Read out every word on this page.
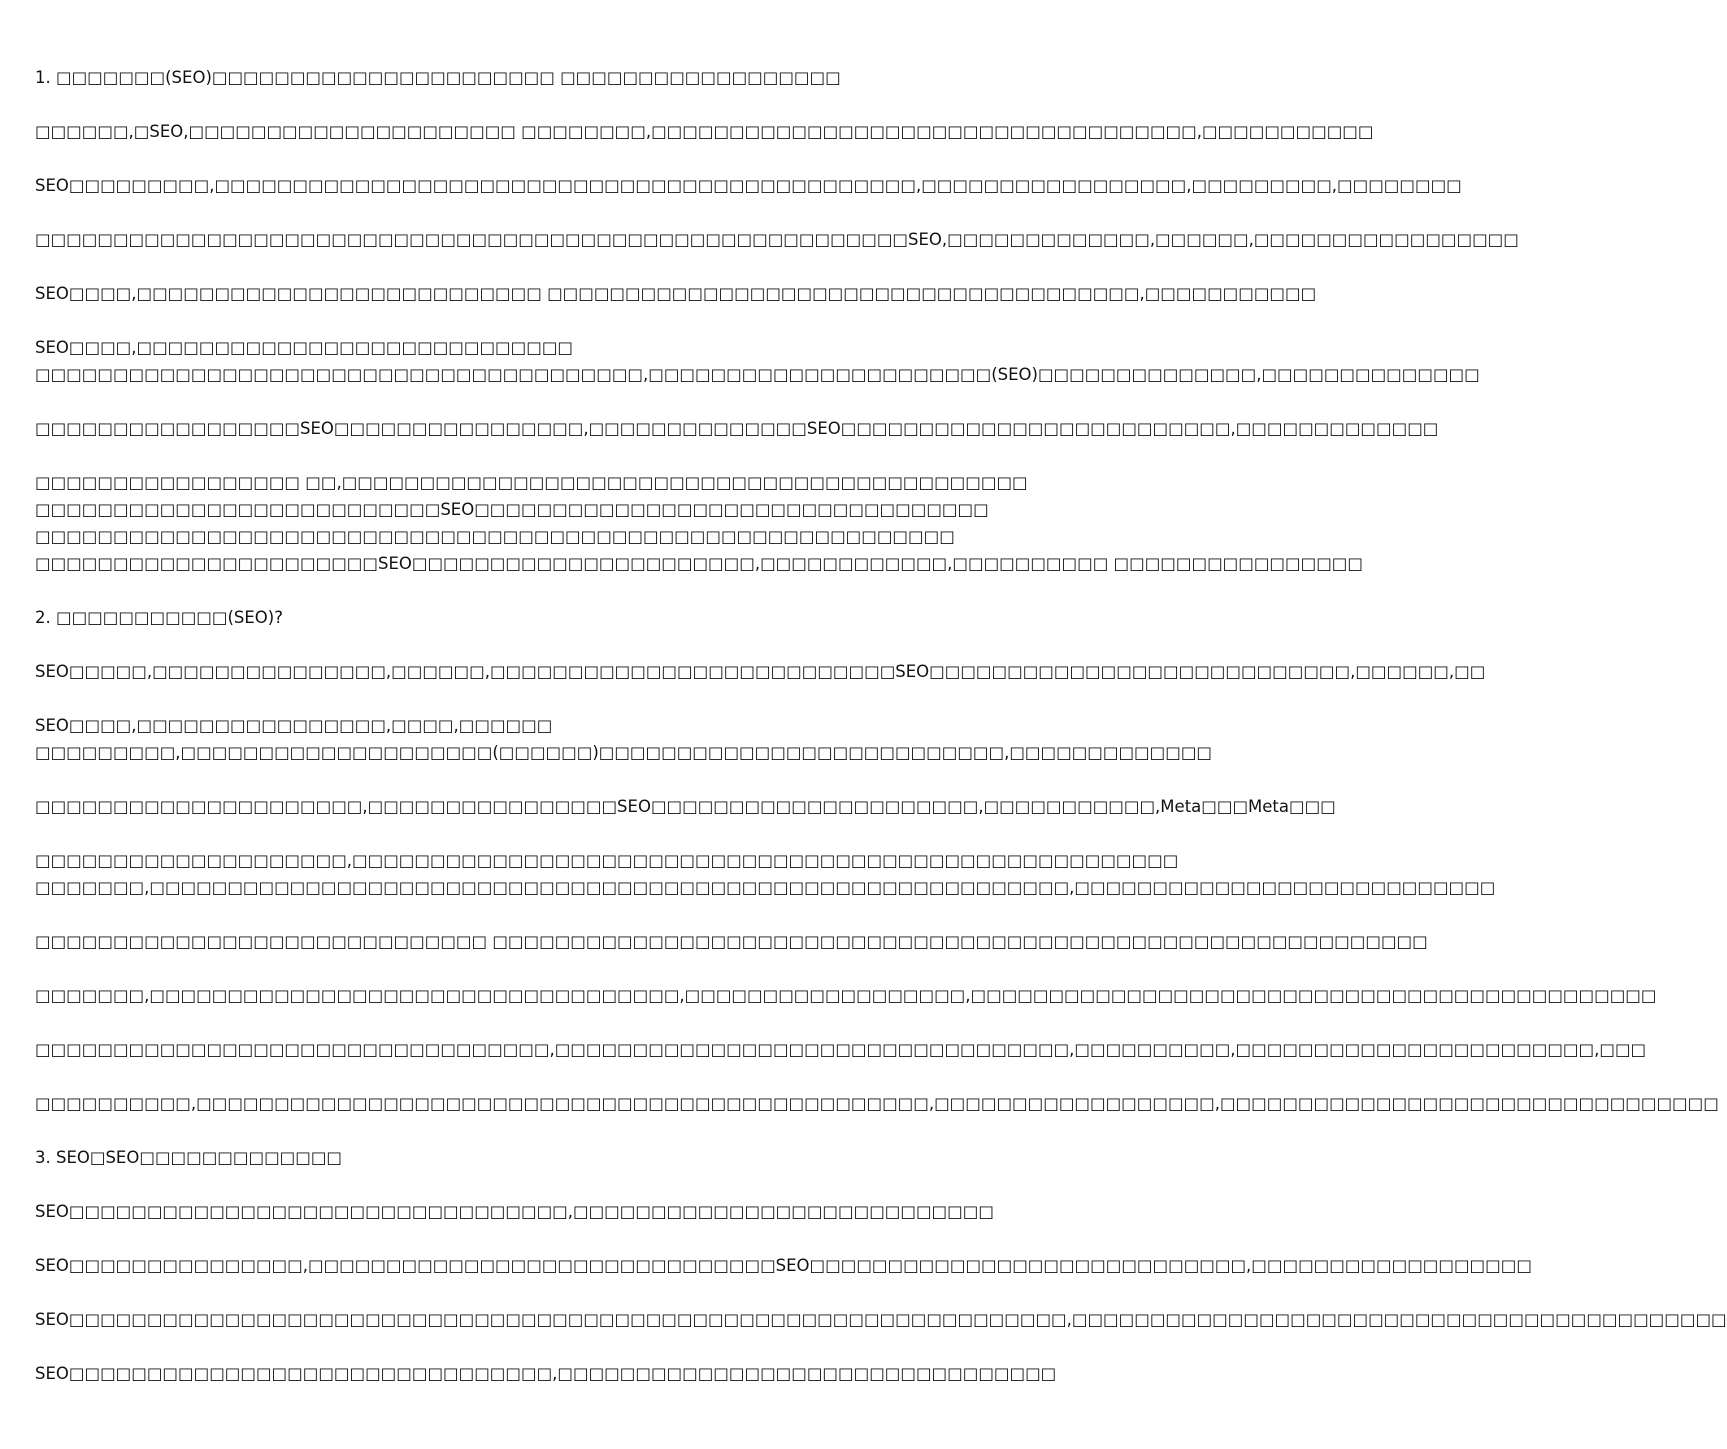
1. □□□□□□□(SEO)□□□□□□□□□□□□□□□□□□□□□□ □□□□□□□□□□□□□□□□□□
□□□□□□,□SEO,□□□□□□□□□□□□□□□□□□□□□ □□□□□□□□,□□□□□□□□□□□□□□□□□□□□□□□□□□□□□□□□□□□,□□□□□□□□□□□
SEO□□□□□□□□□,□□□□□□□□□□□□□□□□□□□□□□□□□□□□□□□□□□□□□□□□□□□□□,□□□□□□□□□□□□□□□□□,□□□□□□□□□,□□□□□□□□
□□□□□□□□□□□□□□□□□□□□□□□□□□□□□□□□□□□□□□□□□□□□□□□□□□□□□□□□SEO,□□□□□□□□□□□□□,□□□□□□,□□□□□□□□□□□□□□□□□
SEO□□□□,□□□□□□□□□□□□□□□□□□□□□□□□□□ □□□□□□□□□□□□□□□□□□□□□□□□□□□□□□□□□□□□□□,□□□□□□□□□□□
SEO□□□□,□□□□□□□□□□□□□□□□□□□□□□□□□□□□
□□□□□□□□□□□□□□□□□□□□□□□□□□□□□□□□□□□□□□□,□□□□□□□□□□□□□□□□□□□□□□(SEO)□□□□□□□□□□□□□□,□□□□□□□□□□□□□□
□□□□□□□□□□□□□□□□□SEO□□□□□□□□□□□□□□□□,□□□□□□□□□□□□□□SEO□□□□□□□□□□□□□□□□□□□□□□□□□,□□□□□□□□□□□□□
□□□□□□□□□□□□□□□□□ □□,□□□□□□□□□□□□□□□□□□□□□□□□□□□□□□□□□□□□□□□□□□□□
□□□□□□□□□□□□□□□□□□□□□□□□□□SEO□□□□□□□□□□□□□□□□□□□□□□□□□□□□□□□□□
□□□□□□□□□□□□□□□□□□□□□□□□□□□□□□□□□□□□□□□□□□□□□□□□□□□□□□□□□□□
□□□□□□□□□□□□□□□□□□□□□□SEO□□□□□□□□□□□□□□□□□□□□□□,□□□□□□□□□□□□,□□□□□□□□□□ □□□□□□□□□□□□□□□□
2. □□□□□□□□□□□(SEO)?
SEO□□□□□,□□□□□□□□□□□□□□□,□□□□□□,□□□□□□□□□□□□□□□□□□□□□□□□□□SEO□□□□□□□□□□□□□□□□□□□□□□□□□□□,□□□□□□,□□
SEO□□□□,□□□□□□□□□□□□□□□□,□□□□,□□□□□□
□□□□□□□□□,□□□□□□□□□□□□□□□□□□□□(□□□□□□)□□□□□□□□□□□□□□□□□□□□□□□□□□,□□□□□□□□□□□□□
□□□□□□□□□□□□□□□□□□□□□,□□□□□□□□□□□□□□□□SEO□□□□□□□□□□□□□□□□□□□□□,□□□□□□□□□□□,Meta□□□Meta□□□
□□□□□□□□□□□□□□□□□□□□,□□□□□□□□□□□□□□□□□□□□□□□□□□□□□□□□□□□□□□□□□□□□□□□□□□□□□
□□□□□□□,□□□□□□□□□□□□□□□□□□□□□□□□□□□□□□□□□□□□□□□□□□□□□□□□□□□□□□□□□□□,□□□□□□□□□□□□□□□□□□□□□□□□□□□
□□□□□□□□□□□□□□□□□□□□□□□□□□□□□ □□□□□□□□□□□□□□□□□□□□□□□□□□□□□□□□□□□□□□□□□□□□□□□□□□□□□□□□□□□□
□□□□□□□,□□□□□□□□□□□□□□□□□□□□□□□□□□□□□□□□□□,□□□□□□□□□□□□□□□□□□,□□□□□□□□□□□□□□□□□□□□□□□□□□□□□□□□□□□□□□□□□□□□
□□□□□□□□□□□□□□□□□□□□□□□□□□□□□□□□□,□□□□□□□□□□□□□□□□□□□□□□□□□□□□□□□□□,□□□□□□□□□□,□□□□□□□□□□□□□□□□□□□□□□□,□□□
□□□□□□□□□□,□□□□□□□□□□□□□□□□□□□□□□□□□□□□□□□□□□□□□□□□□□□□□□□,□□□□□□□□□□□□□□□□□□,□□□□□□□□□□□□□□□□□□□□□□□□□□□□□□□□
3. SEO□SEO□□□□□□□□□□□□□
SEO□□□□□□□□□□□□□□□□□□□□□□□□□□□□□□□□,□□□□□□□□□□□□□□□□□□□□□□□□□□□
SEO□□□□□□□□□□□□□□□,□□□□□□□□□□□□□□□□□□□□□□□□□□□□□□SEO□□□□□□□□□□□□□□□□□□□□□□□□□□□□,□□□□□□□□□□□□□□□□□□
SEO□□□□□□□□□□□□□□□□□□□□□□□□□□□□□□□□□□□□□□□□□□□□□□□□□□□□□□□□□□□□□□□□,□□□□□□□□□□□□□□□□□□□□□□□□□□□□□□□□□□□□□□□□□□
SEO□□□□□□□□□□□□□□□□□□□□□□□□□□□□□□□,□□□□□□□□□□□□□□□□□□□□□□□□□□□□□□□□
